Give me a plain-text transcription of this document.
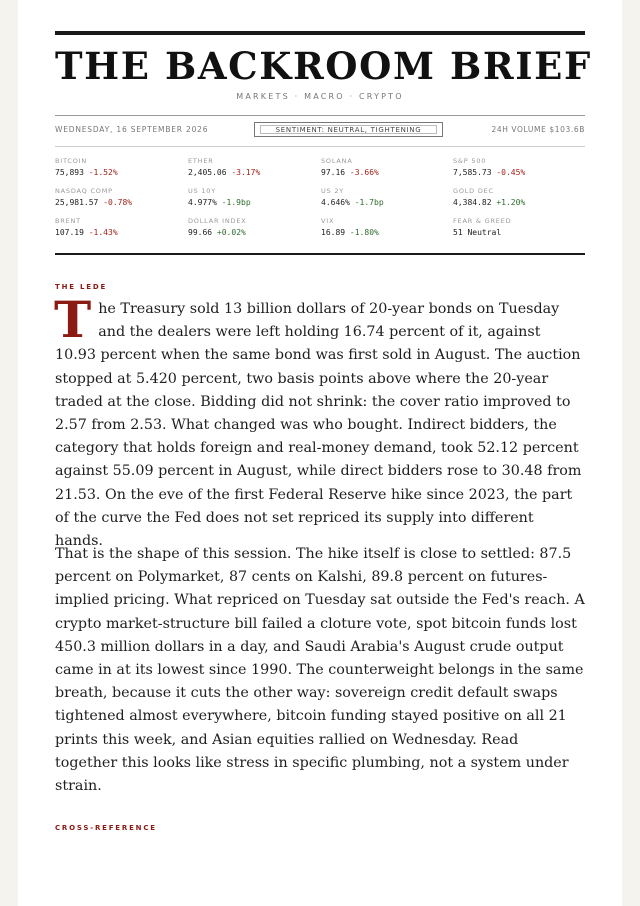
THE BACKROOM BRIEF
MARKETS · MACRO · CRYPTO
WEDNESDAY, 16 SEPTEMBER 2026	SENTIMENT: NEUTRAL, TIGHTENING	24H VOLUME $103.6B
BITCOIN
75,893 -1.52%
ETHER
2,405.06 -3.17%
SOLANA
97.16 -3.66%
S&P 500
7,585.73 -0.45%
NASDAQ COMP
25,981.57 -0.78%
US 10Y
4.977% -1.9bp
US 2Y
4.646% -1.7bp
GOLD DEC
4,384.82 +1.20%
BRENT
107.19 -1.43%
DOLLAR INDEX
99.66 +0.02%
VIX
16.89 -1.80%
FEAR & GREED
51 Neutral
THE LEDE

The Treasury sold 13 billion dollars of 20-year bonds on Tuesday and the dealers were left holding 16.74 percent of it, against 10.93 percent when the same bond was first sold in August. The auction stopped at 5.420 percent, two basis points above where the 20-year traded at the close. Bidding did not shrink: the cover ratio improved to 2.57 from 2.53. What changed was who bought. Indirect bidders, the category that holds foreign and real-money demand, took 52.12 percent against 55.09 percent in August, while direct bidders rose to 30.48 from 21.53. On the eve of the first Federal Reserve hike since 2023, the part of the curve the Fed does not set repriced its supply into different hands.

That is the shape of this session. The hike itself is close to settled: 87.5 percent on Polymarket, 87 cents on Kalshi, 89.8 percent on futures-implied pricing. What repriced on Tuesday sat outside the Fed's reach. A crypto market-structure bill failed a cloture vote, spot bitcoin funds lost 450.3 million dollars in a day, and Saudi Arabia's August crude output came in at its lowest since 1990. The counterweight belongs in the same breath, because it cuts the other way: sovereign credit default swaps tightened almost everywhere, bitcoin funding stayed positive on all 21 prints this week, and Asian equities rallied on Wednesday. Read together this looks like stress in specific plumbing, not a system under strain.

CROSS-REFERENCE
